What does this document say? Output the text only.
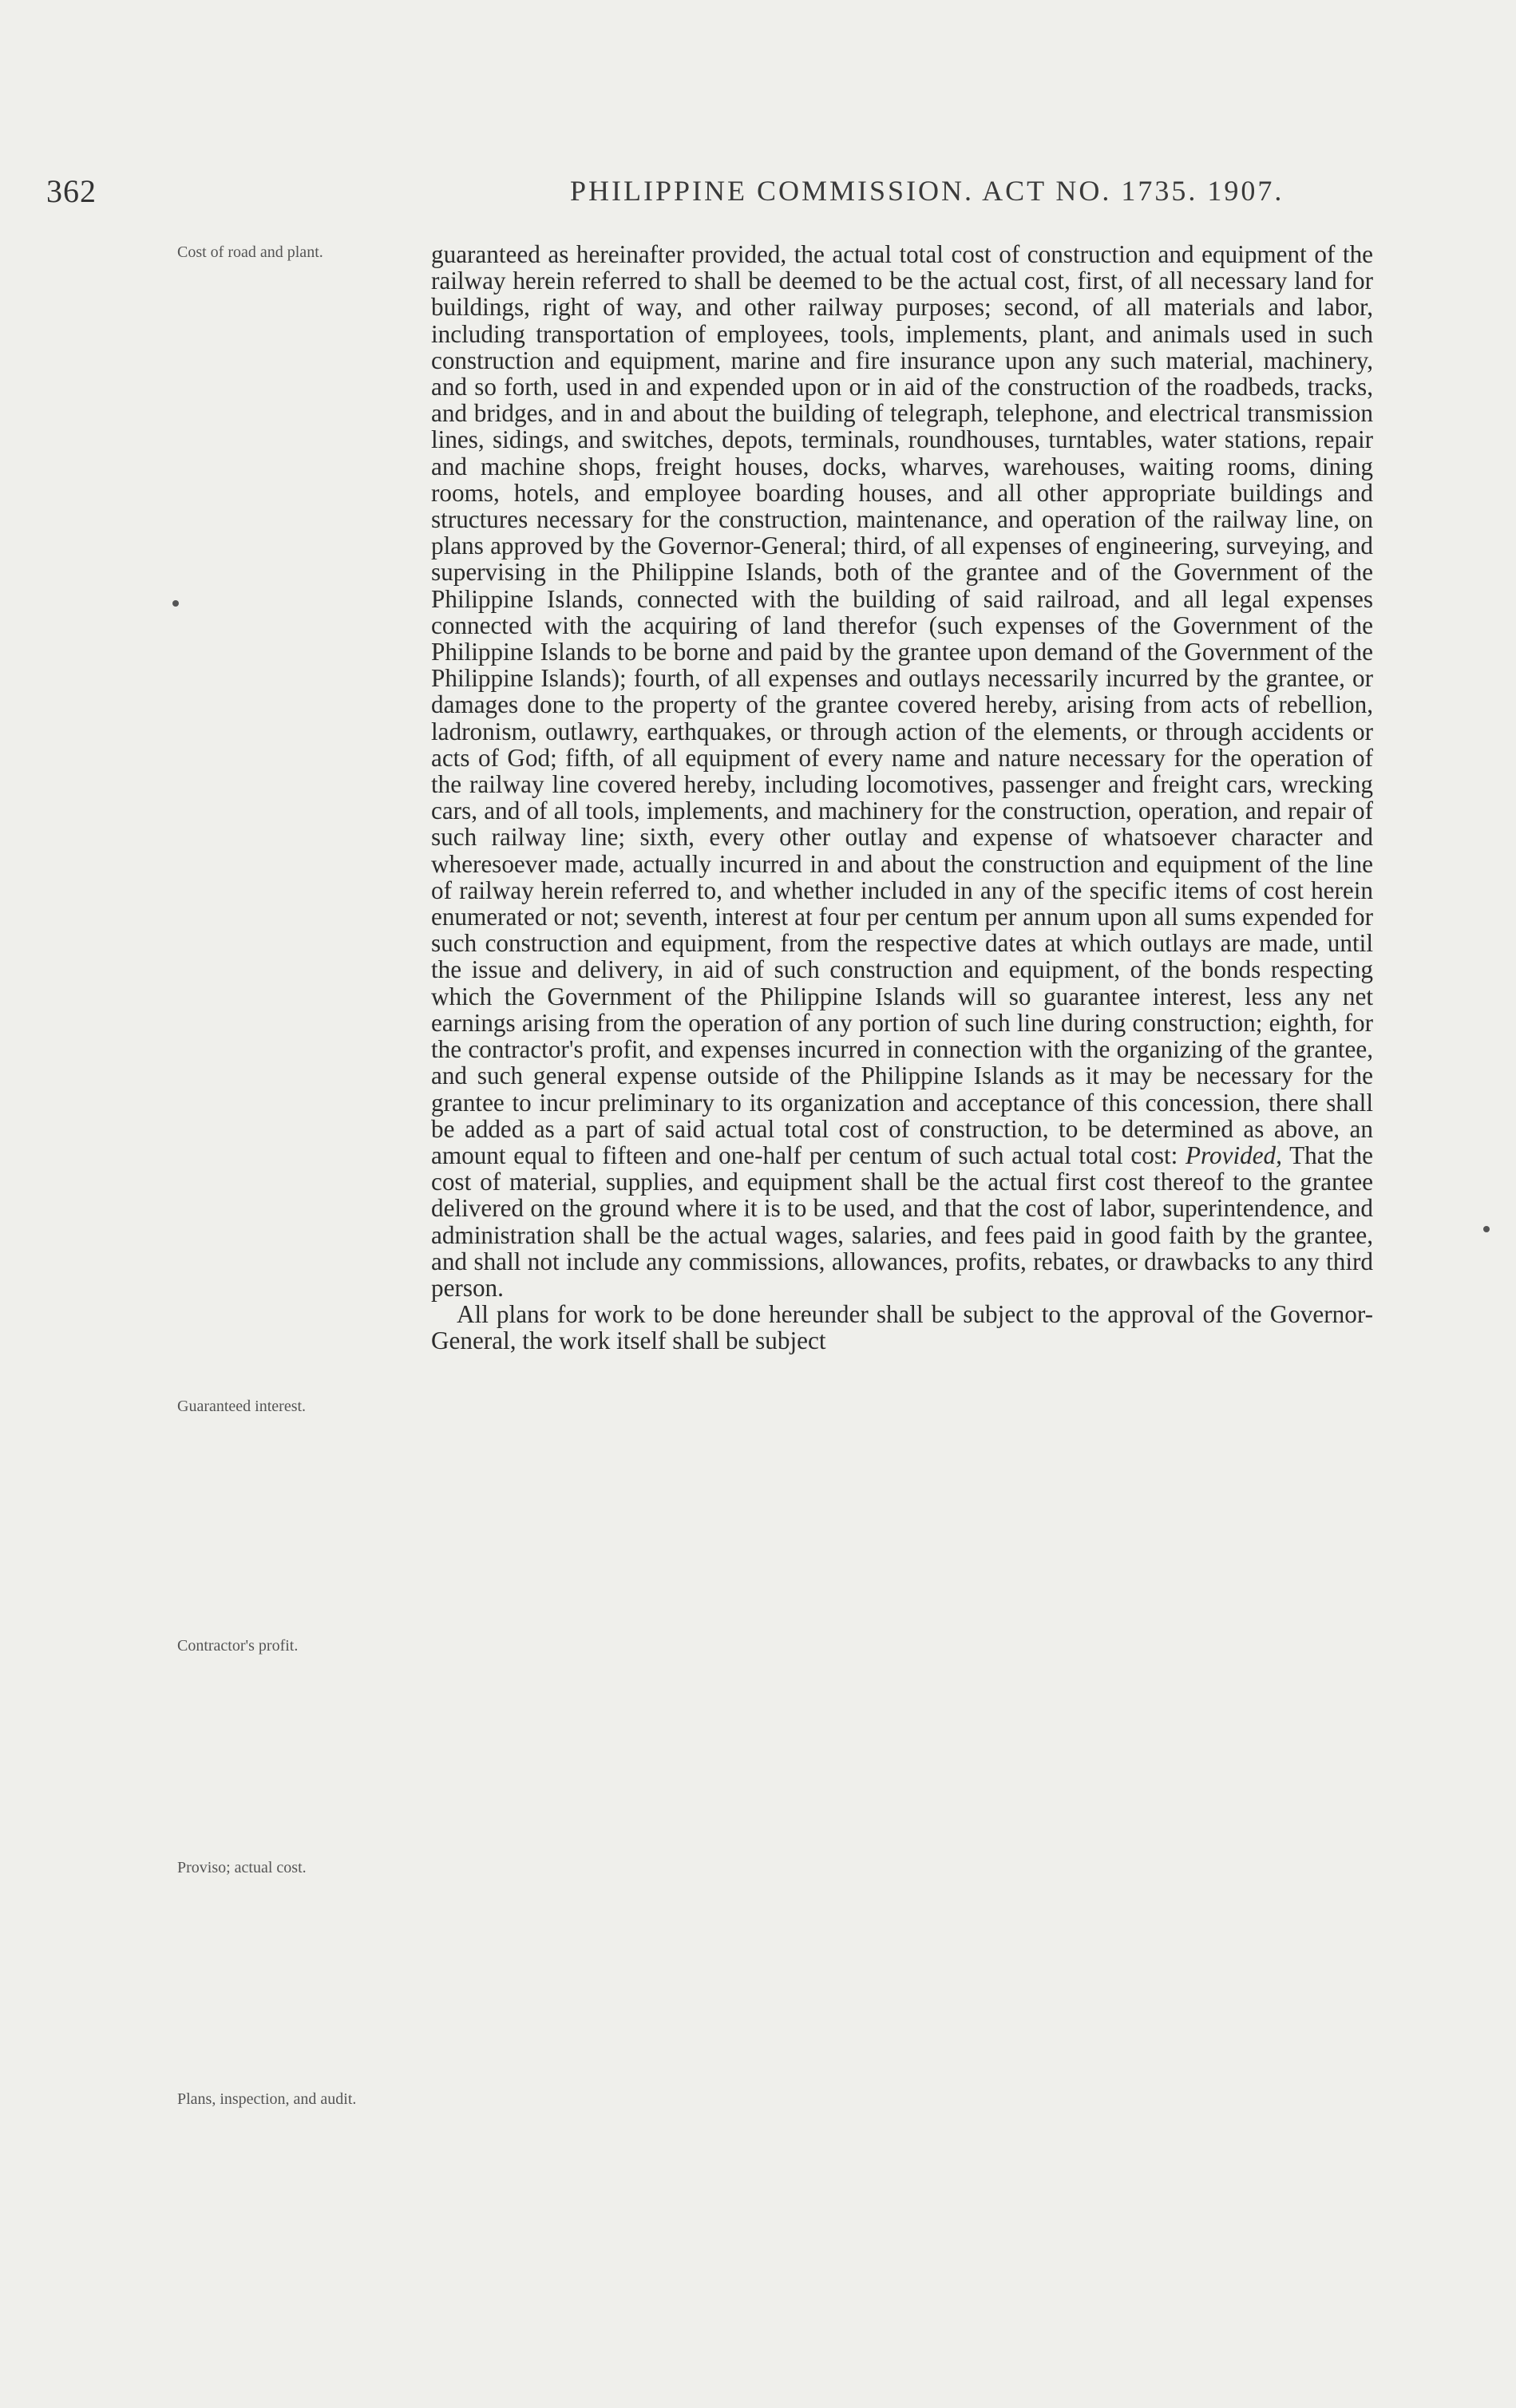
362	PHILIPPINE COMMISSION. ACT NO. 1735. 1907.
Cost of road and plant.
Guaranteed interest.
Contractor's profit.
Proviso; actual cost.
Plans, inspection, and audit.

guaranteed as hereinafter provided, the actual total cost of construction and equipment of the railway herein referred to shall be deemed to be the actual cost, first, of all necessary land for buildings, right of way, and other railway purposes; second, of all materials and labor, including transportation of employees, tools, implements, plant, and animals used in such construction and equipment, marine and fire insurance upon any such material, machinery, and so forth, used in and expended upon or in aid of the construction of the roadbeds, tracks, and bridges, and in and about the building of telegraph, telephone, and electrical transmission lines, sidings, and switches, depots, terminals, roundhouses, turntables, water stations, repair and machine shops, freight houses, docks, wharves, warehouses, waiting rooms, dining rooms, hotels, and employee boarding houses, and all other appropriate buildings and structures necessary for the construction, maintenance, and operation of the railway line, on plans approved by the Governor-General; third, of all expenses of engineering, surveying, and supervising in the Philippine Islands, both of the grantee and of the Government of the Philippine Islands, connected with the building of said railroad, and all legal expenses connected with the acquiring of land therefor (such expenses of the Government of the Philippine Islands to be borne and paid by the grantee upon demand of the Government of the Philippine Islands); fourth, of all expenses and outlays necessarily incurred by the grantee, or damages done to the property of the grantee covered hereby, arising from acts of rebellion, ladronism, outlawry, earthquakes, or through action of the elements, or through accidents or acts of God; fifth, of all equipment of every name and nature necessary for the operation of the railway line covered hereby, including locomotives, passenger and freight cars, wrecking cars, and of all tools, implements, and machinery for the construction, operation, and repair of such railway line; sixth, every other outlay and expense of whatsoever character and wheresoever made, actually incurred in and about the construction and equipment of the line of railway herein referred to, and whether included in any of the specific items of cost herein enumerated or not; seventh, interest at four per centum per annum upon all sums expended for such construction and equipment, from the respective dates at which outlays are made, until the issue and delivery, in aid of such construction and equipment, of the bonds respecting which the Government of the Philippine Islands will so guarantee interest, less any net earnings arising from the operation of any portion of such line during construction; eighth, for the contractor's profit, and expenses incurred in connection with the organizing of the grantee, and such general expense outside of the Philippine Islands as it may be necessary for the grantee to incur preliminary to its organization and acceptance of this concession, there shall be added as a part of said actual total cost of construction, to be determined as above, an amount equal to fifteen and one-half per centum of such actual total cost: Provided, That the cost of material, supplies, and equipment shall be the actual first cost thereof to the grantee delivered on the ground where it is to be used, and that the cost of labor, superintendence, and administration shall be the actual wages, salaries, and fees paid in good faith by the grantee, and shall not include any commissions, allowances, profits, rebates, or drawbacks to any third person.

All plans for work to be done hereunder shall be subject to the approval of the Governor-General, the work itself shall be subject
